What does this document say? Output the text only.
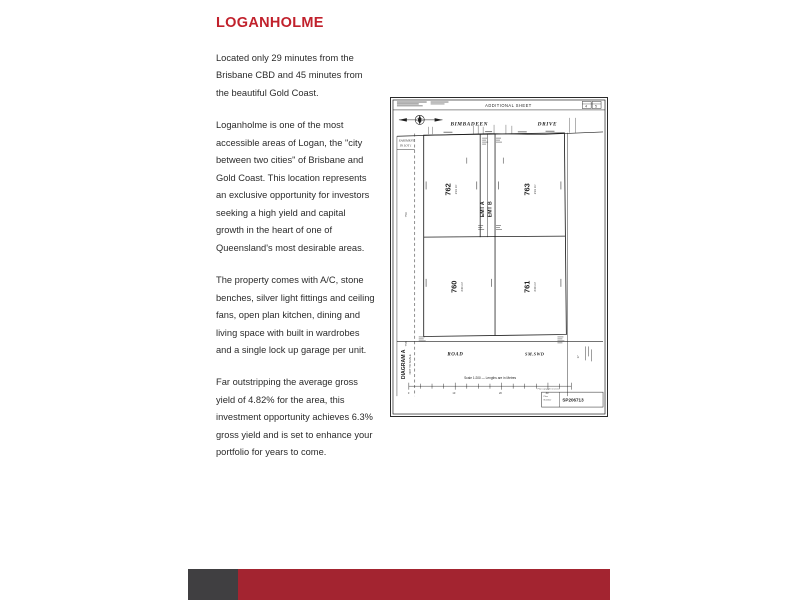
LOGANHOLME

Located only 29 minutes from the Brisbane CBD and 45 minutes from the beautiful Gold Coast.

Loganholme is one of the most accessible areas of Logan, the "city between two cities" of Brisbane and Gold Coast. This location represents an exclusive opportunity for investors seeking a high yield and capital growth in the heart of one of Queensland's most desirable areas.

The property comes with A/C, stone benches, silver light fittings and ceiling fans, open plan kitchen, dining and living space with built in wardrobes and a single lock up garage per unit.

Far outstripping the average gross yield of 4.82% for the area, this investment opportunity achieves 6.3% gross yield and is set to enhance your portfolio for years to come.

ADDITIONAL SHEET	4	5
BIMBADEEN	DRIVE
EASEMENT
IN LOT 1
759
758
762 219 m²	763 219 m²
760 240 m²	761 240 m²
EMT A EMT B
ROAD	SM.SWD
DIAGRAM A NOT TO SCALE
Scale 1:200 — Lengths are in Metres
0	10	20	30
Plan
Number SP206713
Plan copyright reserved
17
